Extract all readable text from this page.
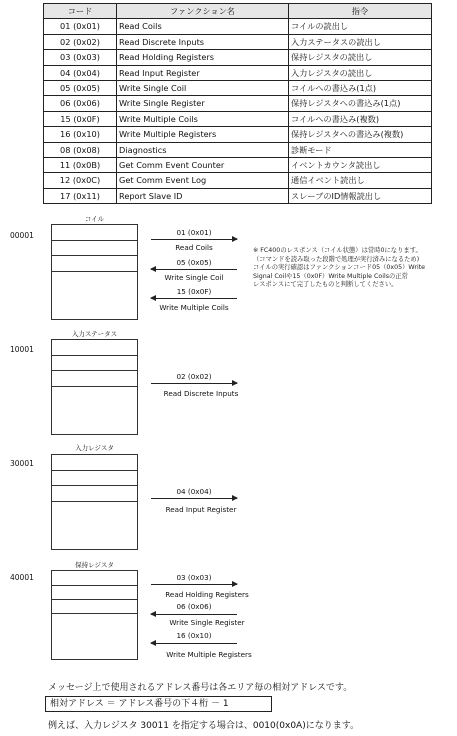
コード	ファンクション名	指令
01 (0x01)	Read Coils	コイルの読出し
02 (0x02)	Read Discrete Inputs	入力ステータスの読出し
03 (0x03)	Read Holding Registers	保持レジスタの読出し
04 (0x04)	Read Input Register	入力レジスタの読出し
05 (0x05)	Write Single Coil	コイルへの書込み(1点)
06 (0x06)	Write Single Register	保持レジスタへの書込み(1点)
15 (0x0F)	Write Multiple Coils	コイルへの書込み(複数)
16 (0x10)	Write Multiple Registers	保持レジスタへの書込み(複数)
08 (0x08)	Diagnostics	診断モード
11 (0x0B)	Get Comm Event Counter	イベントカウンタ読出し
12 (0x0C)	Get Comm Event Log	通信イベント読出し
17 (0x11)	Report Slave ID	スレーブのID情報読出し
00001
コイル
01 (0x01)
Read Coils
05 (0x05)
Write Single Coil
15 (0x0F)
Write Multiple Coils
※ FC400のレスポンス（コイル状態）は常時0になります。
（コマンドを読み取った段階で処理が実行済みになるため)
コイルの実行確認はファンクションコード05（0x05）Write
Signal Coilや15（0x0F）Write Multiple Coilsの正常
レスポンスにて完了したものと判断してください。
10001
入力ステータス
02 (0x02)
Read Discrete Inputs
30001
入力レジスタ
04 (0x04)
Read Input Register
40001
保持レジスタ
03 (0x03)
Read Holding Registers
06 (0x06)
Write Single Register
16 (0x10)
Write Multiple Registers
メッセージ上で使用されるアドレス番号は各エリア毎の相対アドレスです。
相対アドレス ＝ アドレス番号の下４桁 － 1
例えば、入力レジスタ 30011 を指定する場合は、0010(0x0A)になります。
